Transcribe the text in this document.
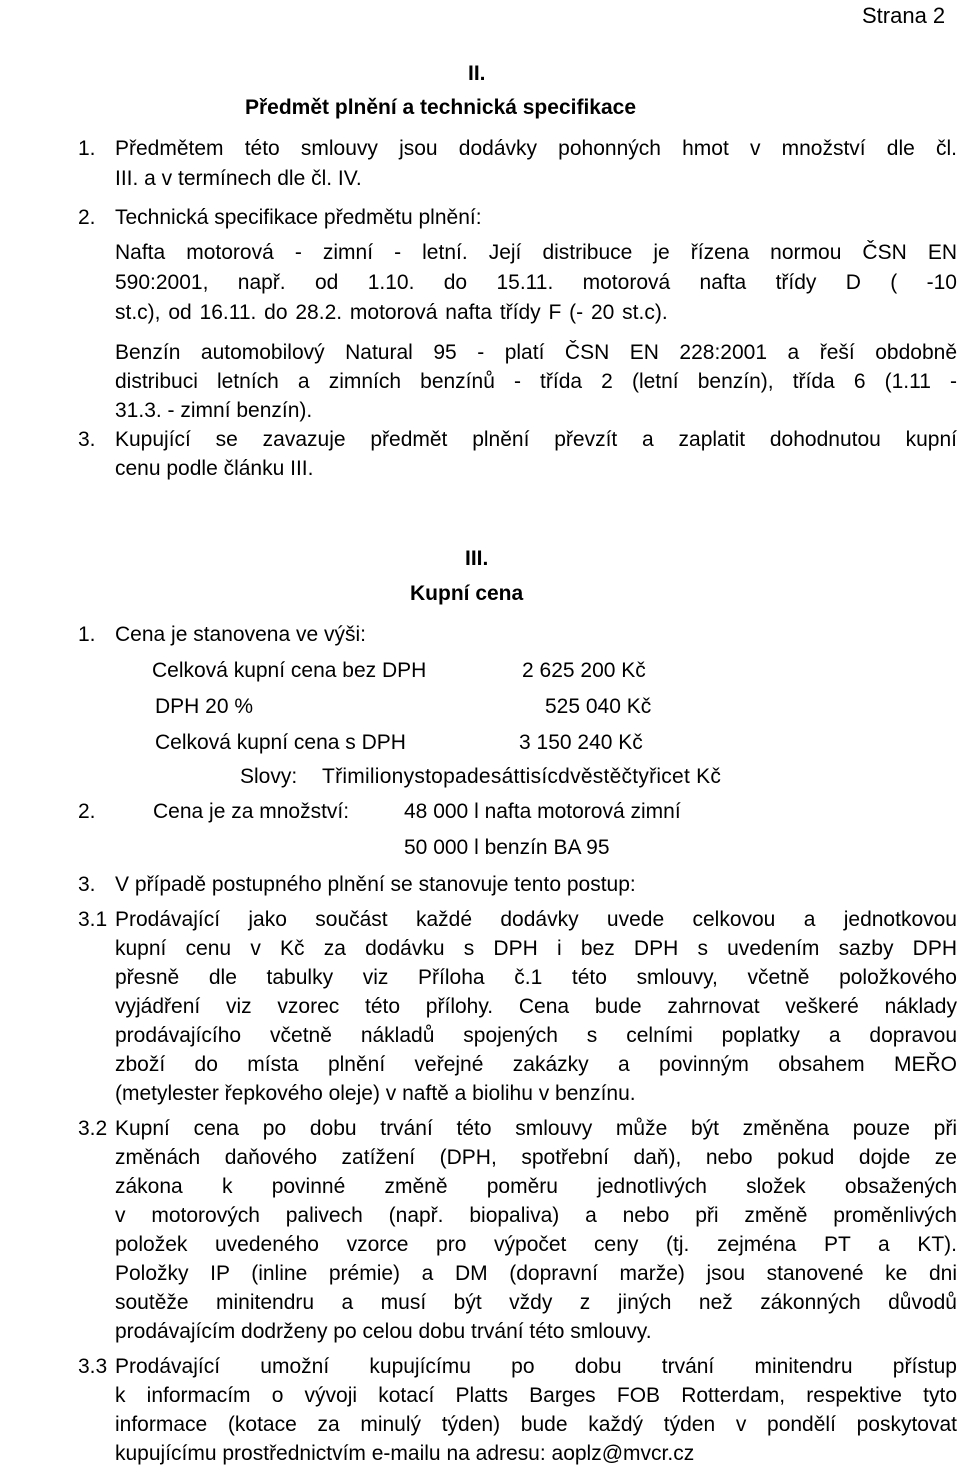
Strana 2
II.
Předmět plnění a technická specifikace
1. Předmětem této smlouvy jsou dodávky pohonných hmot v množství dle čl.
III. a v termínech dle čl. IV.
2. Technická specifikace předmětu plnění:
Nafta motorová - zimní - letní. Její distribuce je řízena normou ČSN EN
590:2001, např. od 1.10. do 15.11. motorová nafta třídy D ( -10
st.c), od 16.11. do 28.2. motorová nafta třídy F (- 20 st.c).
Benzín automobilový Natural 95 - platí ČSN EN 228:2001 a řeší obdobně
distribuci letních a zimních benzínů - třída 2 (letní benzín), třída 6 (1.11 -
31.3. - zimní benzín).
3. Kupující se zavazuje předmět plnění převzít a zaplatit dohodnutou kupní
cenu podle článku III.
III.
Kupní cena
1. Cena je stanovena ve výši:
Celková kupní cena bez DPH	2 625 200 Kč
DPH 20 %	525 040 Kč
Celková kupní cena s DPH	3 150 240 Kč
Slovy: Třimilionystopadesáttisícdvěstěčtyřicet Kč
2.	Cena je za množství:	48 000 l nafta motorová zimní
50 000 l benzín BA 95
3. V případě postupného plnění se stanovuje tento postup:
3.1 Prodávající jako součást každé dodávky uvede celkovou a jednotkovou
kupní cenu v Kč za dodávku s DPH i bez DPH s uvedením sazby DPH
přesně dle tabulky viz Příloha č.1 této smlouvy, včetně položkového
vyjádření viz vzorec této přílohy. Cena bude zahrnovat veškeré náklady
prodávajícího včetně nákladů spojených s celními poplatky a dopravou
zboží do místa plnění veřejné zakázky a povinným obsahem MEŘO
(metylester řepkového oleje) v naftě a biolihu v benzínu.
3.2 Kupní cena po dobu trvání této smlouvy může být změněna pouze při
změnách daňového zatížení (DPH, spotřební daň), nebo pokud dojde ze
zákona k povinné změně poměru jednotlivých složek obsažených
v motorových palivech (např. biopaliva) a nebo při změně proměnlivých
položek uvedeného vzorce pro výpočet ceny (tj. zejména PT a KT).
Položky IP (inline prémie) a DM (dopravní marže) jsou stanovené ke dni
soutěže minitendru a musí být vždy z jiných než zákonných důvodů
prodávajícím dodrženy po celou dobu trvání této smlouvy.
3.3 Prodávající umožní kupujícímu po dobu trvání minitendru přístup
k informacím o vývoji kotací Platts Barges FOB Rotterdam, respektive tyto
informace (kotace za minulý týden) bude každý týden v pondělí poskytovat
kupujícímu prostřednictvím e-mailu na adresu: aoplz@mvcr.cz
